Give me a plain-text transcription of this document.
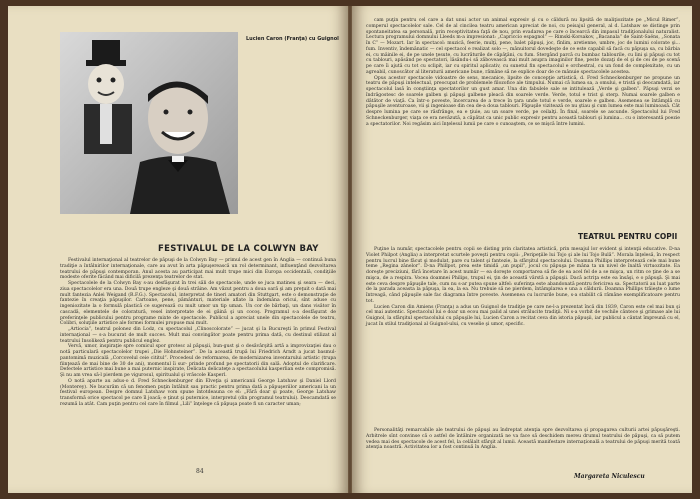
Lucien Caron (Franţa) cu Guignol
FESTIVALUL DE LA COLWYN BAY

Festivalul internaţional al teatrelor de păpuşi de la Colwyn Bay — primul de acest gen în Anglia — continuă buna tradiţie a întâlnirilor internaţionale, care au avut în arta păpuşerească un rol determinant, influenţând dezvoltarea teatrului de păpuşi contemporan. Anul acesta au participat mai mult trupe mici din Europa occidentală, condiţiile modeste oferite făcând mai dificilă prezenţa teatrelor de stat.

Spectacolele de la Colwyn Bay s-au desfăşurat în trei săli de spectacole, unde se juca matineu şi seara — deci, ziua spectacolelor era una. Două trupe engleze şi două străine. Am văzut pentru a doua oară şi am preţuit o dată mai mult fantezia Anlei Weigand (R.F.G.). Spectacolul, interpretat de tineri amatori din Stuttgart, este o demonstraţie de fantezie în creaţia păpuşilor. Cartoane, pene, pământuri, materiale aflate la îndemâna oricui, sînt aduse cu ingeniozitate la o formulă plastică ce sugerează cu mult umor un tip uman. Un cor de bărbaţi, un dans visător în cascadă, elementele de coloratură, vesel interpretate de ei găină şi un cocoş. Programul s-a desfăşurat de preferinţele publicului pentru programe mixte de spectacole. Publicul a apreciat unele din spectacolele de teatru, Colibri, soluţiile artistice ale formei formulei propuse mai mult.

„Artiocia”, teatrul polonez din Lodz, cu spectacolul „Clinoscolorate” — jucat şi la Bucureşti în primul Festival internaţional — s-a bucurat de mult succes. Mult mai convingător poate pentru prima dată, cu destinul stilizat al teatrului Insolikeză pentru publicul englez.

Vervă, umor, inspiraţie spre comicul spor grotesc al păpuşii, bun-gust şi o desăvârşită artă a improvizaţiei dau o notă particulară spectacolelor trupei „Die Hohnsteiner”. De la această trupă lui Friedrich Arndt a jucat basmul-pantomimă muzicală „Corcovelul ceie cititul”. Procedeul de reformarea, de modernizarea inventarului artistic (trupa fiinţează de mai bine de 30 de ani), momentul îi sur- prinde profund pe spectatorii din sală. Adoptul de clarificare. Defectele artistice mai bune a mai puternic inspirate, Delicata delicateţe a spectacolului kasperlian este compromisă. Şi nu am vrea să-l pierdem pe vigurosul, spiritualul şi vrăscole Kasperl.

O notă aparte au adus-o d. Fred Schneckenburger din Elveţia şi americanii George Latshaw şi Daniel Llord (Monterey). Ne bucurăm că un fenomen puţin întâlnit sau practic pentru prima dată a păpuşeriilor americani la un festival european. Despre domnul Latshaw vom spune întotdeauna ce el: „Fără doar şi poate, George Latshaw transformă orice spectacol pe care îl joacă; e ţinut şi puternice, interpretul (din programul teatrului). Deocamdată se rezumă la atât. Cam puţin pentru cel care în filmul „Lili” înţelege că păpuşa poate fi un caracter uman;

84

cam puţin pentru cel care a dat unui actor un animal expresiv şi cu o căldură nu lipsită de maliţiozitate pe „Micul Rimer”, comperul spectacolelor sale. Cel de al cincilea teatru american apreciat de noi, cu peisajul general, al d. Latshaw se distinge prin spontaneitatea sa personală, prin receptivitatea faţă de nou, prin evadarea pe care o încearcă din impasul tradiţionalului naturalist. Lectura programului domnului Lleeds m-a impresionat: „Capriccio espagnol” — Rimski-Korsakov, „Bacanala” de Saint-Saëns, „Sonata în C” — Mozart. Iar în spectacol: muzică, feerie, mulţi, pene, balet păpuşi, joc, fînlim, aretienne, umbre, joc de lumini colorate şi... fum. Inventiv, îndemânatic — cel spectacol e realizat solo —, mânuitorul dovedeşte de ce este capabil să facă cu păpuşa sa, cu bărbia ei, cu mâinile ei, de pe unele ţesute, cu lucrăturile de căpăţâni, cu fum. Stergând parcă cu bumbac tablourile, cu lini şi păpuşi cu tot cu tablouri, apăsând pe spectatori, lăsându-i să zăbovească mai mult asupra imaginilor fine, peste dozaţi de el şi de cei de pe scenă pe care îi ajută cu tot cu sclipit, iar cu spiritul aplicativ, cu sunetul fin spectacolul e orchestral, cu un fond de complexitate, cu un agreabil, cunoscător al literaturii americane bune, rămâne să ne explice doar de ce mânuie spectacolele acestea.

Opus acestor spectacole vidoastre de sens, mecanice, lipsite de concepţie artistică, d. Fred Schneckenburger ne propune un teatru de păpuşi intelectual, preocupat de problemele filozofice ale timpului. Numai că lumea sa, a omului, e tristă şi deocamdată, iar spectacolul lasă în conştiinţa spectatorilor un gust amar. Una din fabulele sale se intitulează „Verde şi galben”. Păpuşi verzi se îndrăgostesc de soarele galben şi păpuşi galbene pleacă din soarele verde. Verde, totul e trist şi sterp. Numai soarele galben e dătător de viaţă. Ca într-o poveste, încercarea de a trece în ţara unde totul e verde, soarele e galben. Asemenea se întâmplă cu păpuşile aventuroase, vii şi ingenioase din cea de-a doua tablouri. Păpuşile vizitează ce nu ştiau şi cum lumea este mai luminoasă. Cât despre lumina pe care se răsfrânge, ea e ţiuie, au un soare verde, pe ceilalţi. În final, soarele se ascunde. Spectacolul lui Fred Schneckenburger, viaţa ce era nevăzută, a căpătat ca unic public expresiv pentru această tablouri şi lumina... cu o interesantă poezie a spectatorilor. Noi regăsim aici înţelesul lumii pe care o cunoaştem, ce se mişcă între lumini.

TEATRUL PENTRU COPII

Puţine la număr, spectacolele pentru copii se disting prin claritatea artistică, prin mesajul lor evident şi intenţii educative. D-na Violet Philpot (Anglia) a interpretat scurtele poveşti pentru copii: „Peripeţiile lui Tojo şi ale lui Tojo Bulă”. Morala înţelesă, în respect pentru lucrul bine făcut şi modulat, pare cu talent şi fantezie, la sfârşitul spectacolului. Doamna Phillips interpretează cele mai bune teme „Regina zânelor”. D-na Phillpot, prea este timidă „un pupil”, jocul cu păpuşa pe mâna ta un nivel de înaltă virtuozitate. Ea doreşte preciziuni, fără încetare în acest număr — ea doreşte comportarea să fie de ea acel fel de a se mişca, un ritm ce ţine de a se mişca, de a respira. Vocea doamnei Philips, trupul ei, ţin de această vârstă a păpuşii. Dacă actriţa este ea însăşi, e o păpuşă. Şi mai este ceva despre păpuşile tale, cum nu s-ar putea spune altfel: suferinţa este abandonată pentru fericirea sa. Spectatorii au luat parte de la parada aceasta la păpuşa, la ea, la ea. Nu trebuie să ne pierdem, întâmplarea e una a căldurii. Doamna Phillips trăieşte o lume întreagă, când păpuşile sale fac diagrama între poveste. Asemenea cu lucrurile bune, s-a stabilit că rămâne exemplificatoare pentru tot.

Lucien Caron din Amiens (Franţa) a adus un Guignol de tradiţie pe care ne-l-a prezentat încă din 1839, Caron este cel mai bun şi cel mai autentic. Spectacolul lui e doar un ecou mai palid al unei strălucite tradiţii. Ni s-a vorbit de vechile cântece şi grimase ale lui Guignol, la sfârşitul spectacolului cu păpuşile lui, Lucien Caron a recitat ceva din istoria păpuşii, iar publicul a cântat împreună cu el, jucat în stilul tradiţional al Guignol-ului, cu veselie şi umor, specific.

Personalităţi remarcabile ale teatrului de păpuşi au îndreptat atenţia spre dezvoltarea şi propagarea culturii artei păpuşăreşti. Arbitrele sînt convinse că o astfel de întâlnire organizată ne va face să deschidem mereu drumul teatrului de păpuşi, ca să putem vedea mai des spectacole de acest fel, la celălalt sfârşit al lumii. Această manifestare internaţională a teatrului de păpuşi merită toată atenţia noastră. Activitatea lor a fost continuă în Anglia.

Margareta Niculescu
